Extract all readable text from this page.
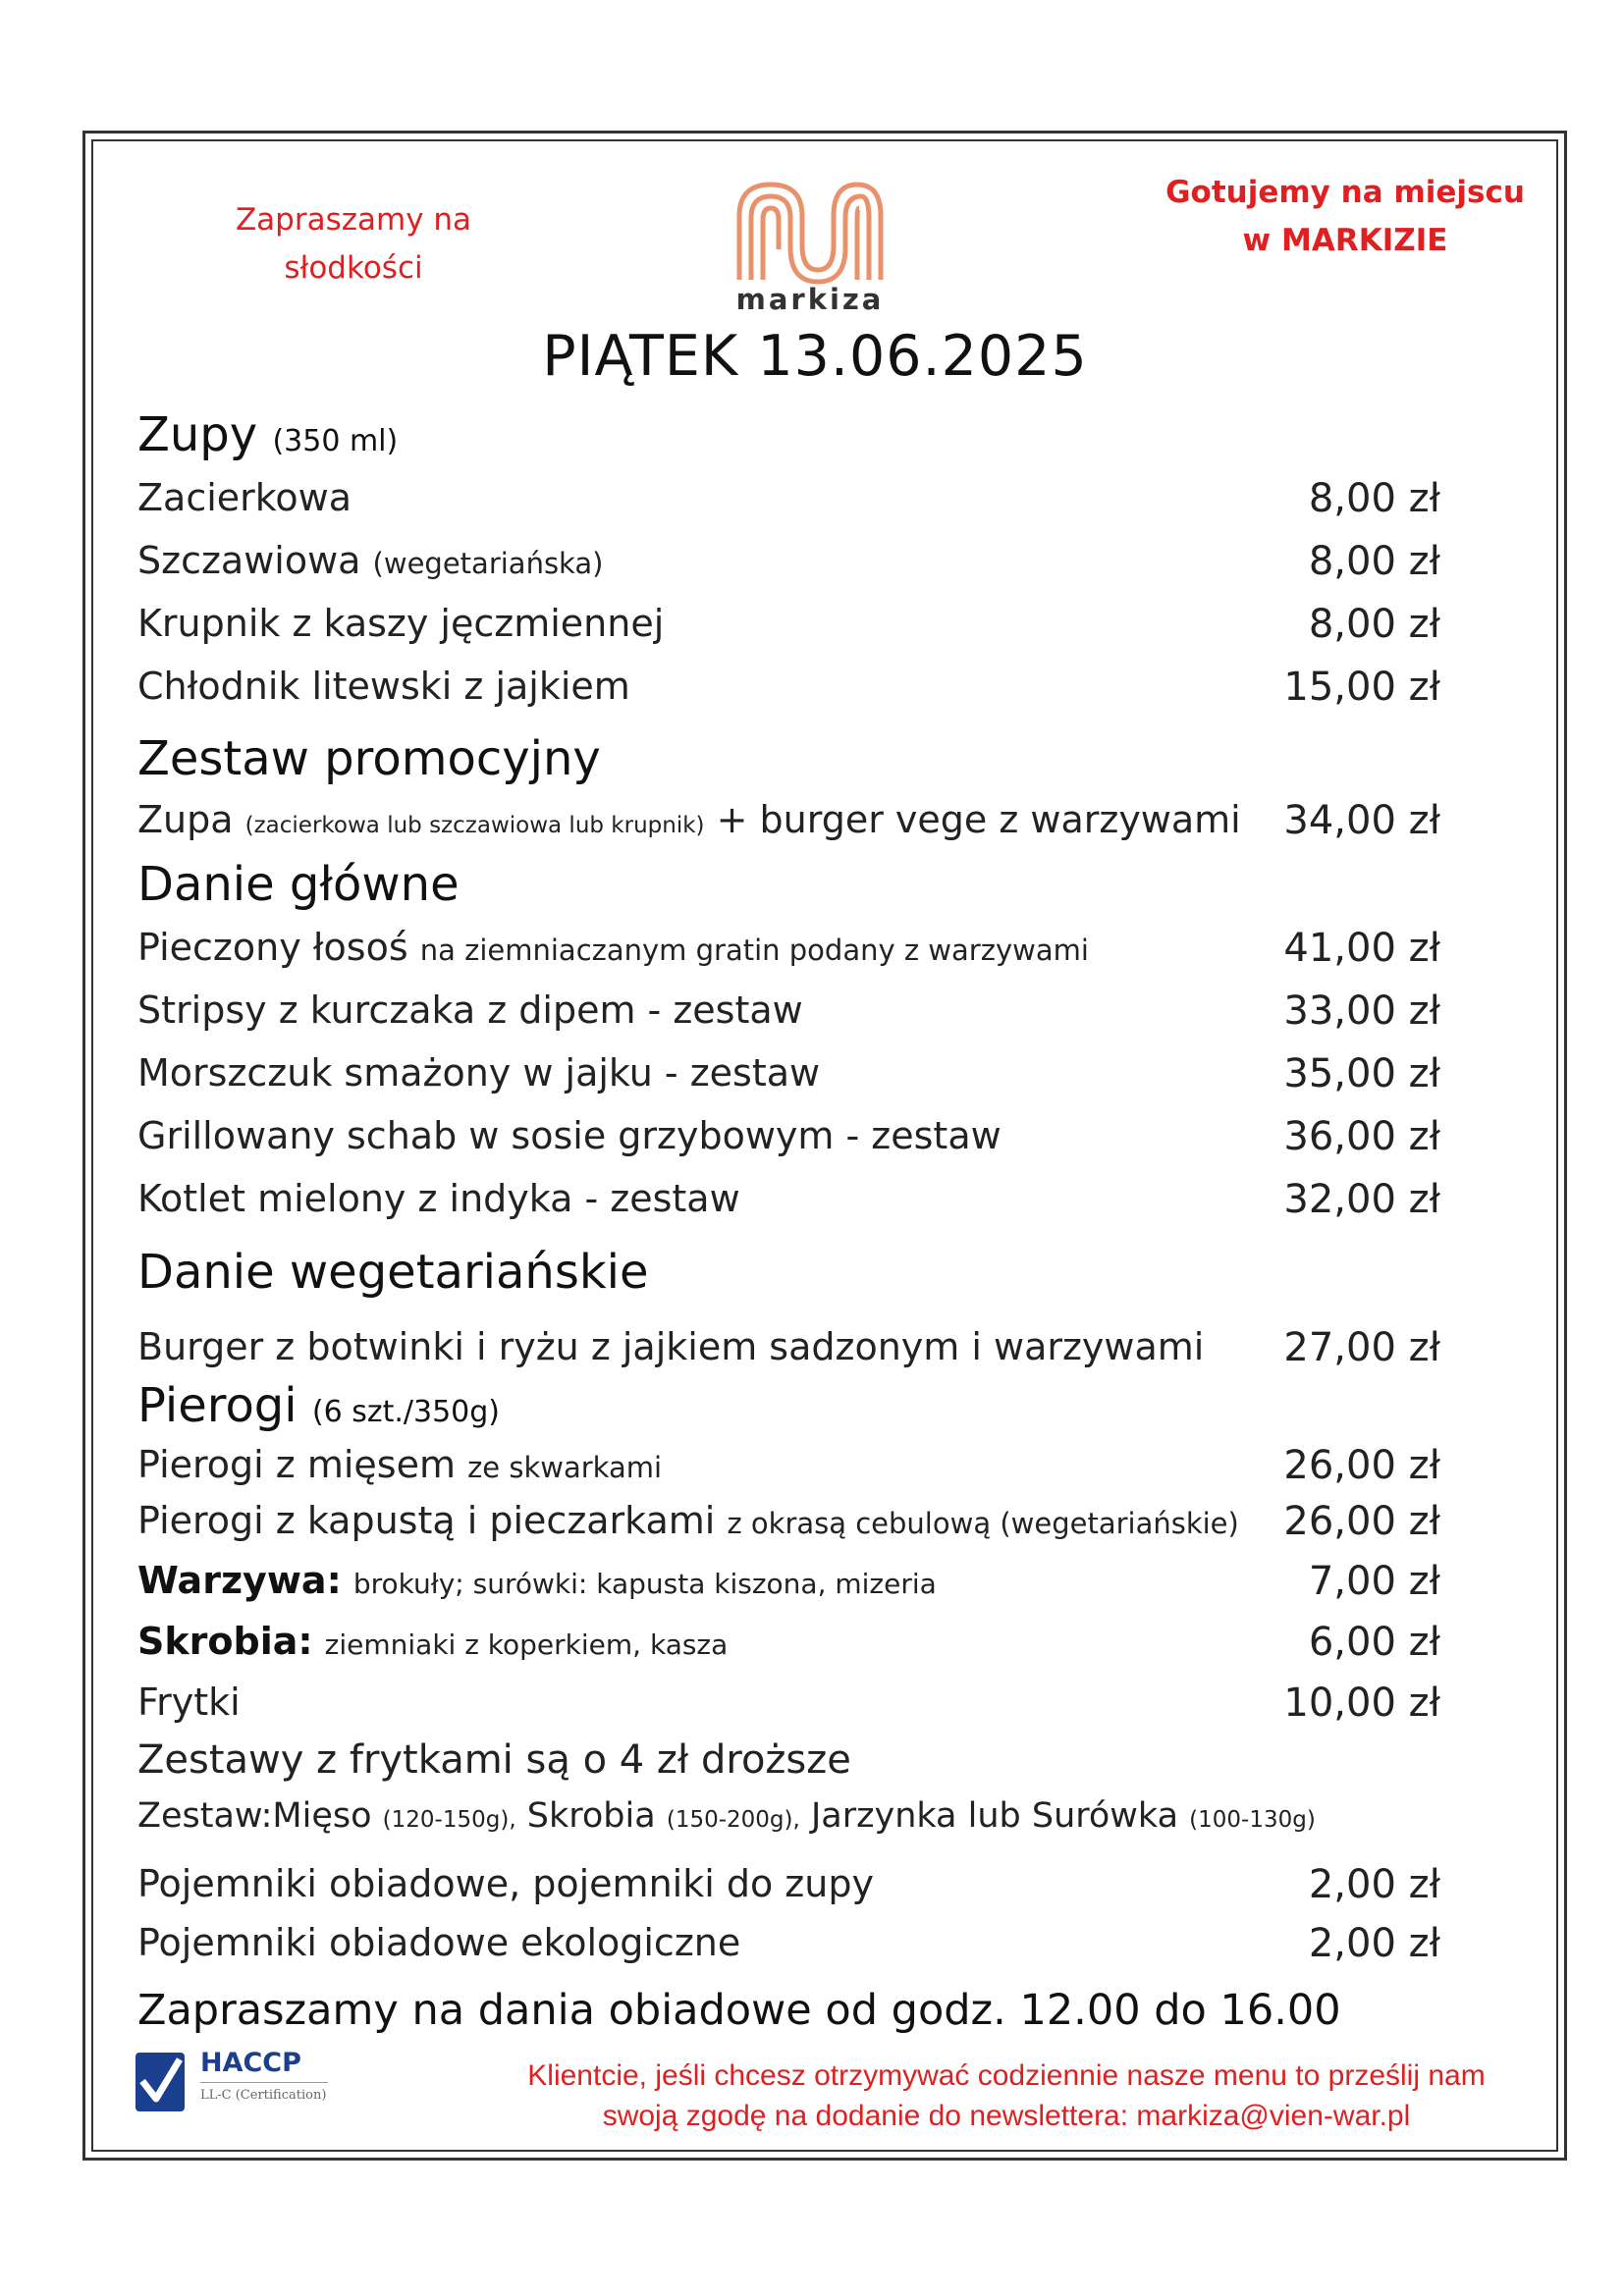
Zapraszamy na
słodkości
markiza
Gotujemy na miejscu
w MARKIZIE
PIĄTEK 13.06.2025
Zupy (350 ml)
Zacierkowa	8,00 zł
Szczawiowa (wegetariańska)	8,00 zł
Krupnik z kaszy jęczmiennej	8,00 zł
Chłodnik litewski z jajkiem	15,00 zł
Zestaw promocyjny
Zupa (zacierkowa lub szczawiowa lub krupnik) + burger vege z warzywami 34,00 zł
Danie główne
Pieczony łosoś na ziemniaczanym gratin podany z warzywami	41,00 zł
Stripsy z kurczaka z dipem - zestaw	33,00 zł
Morszczuk smażony w jajku - zestaw	35,00 zł
Grillowany schab w sosie grzybowym - zestaw	36,00 zł
Kotlet mielony z indyka - zestaw	32,00 zł
Danie wegetariańskie
Burger z botwinki i ryżu z jajkiem sadzonym i warzywami 27,00 zł
Pierogi (6 szt./350g)
Pierogi z mięsem ze skwarkami	26,00 zł
Pierogi z kapustą i pieczarkami z okrasą cebulową (wegetariańskie) 26,00 zł
Warzywa: brokuły; surówki: kapusta kiszona, mizeria	7,00 zł
Skrobia: ziemniaki z koperkiem, kasza	6,00 zł
Frytki	10,00 zł
Zestawy z frytkami są o 4 zł droższe
Zestaw:Mięso (120-150g), Skrobia (150-200g), Jarzynka lub Surówka (100-130g)
Pojemniki obiadowe, pojemniki do zupy	2,00 zł
Pojemniki obiadowe ekologiczne	2,00 zł
Zapraszamy na dania obiadowe od godz. 12.00 do 16.00
HACCP
LL-C (Certification)
Klientcie, jeśli chcesz otrzymywać codziennie nasze menu to prześlij nam
swoją zgodę na dodanie do newslettera: markiza@vien-war.pl
